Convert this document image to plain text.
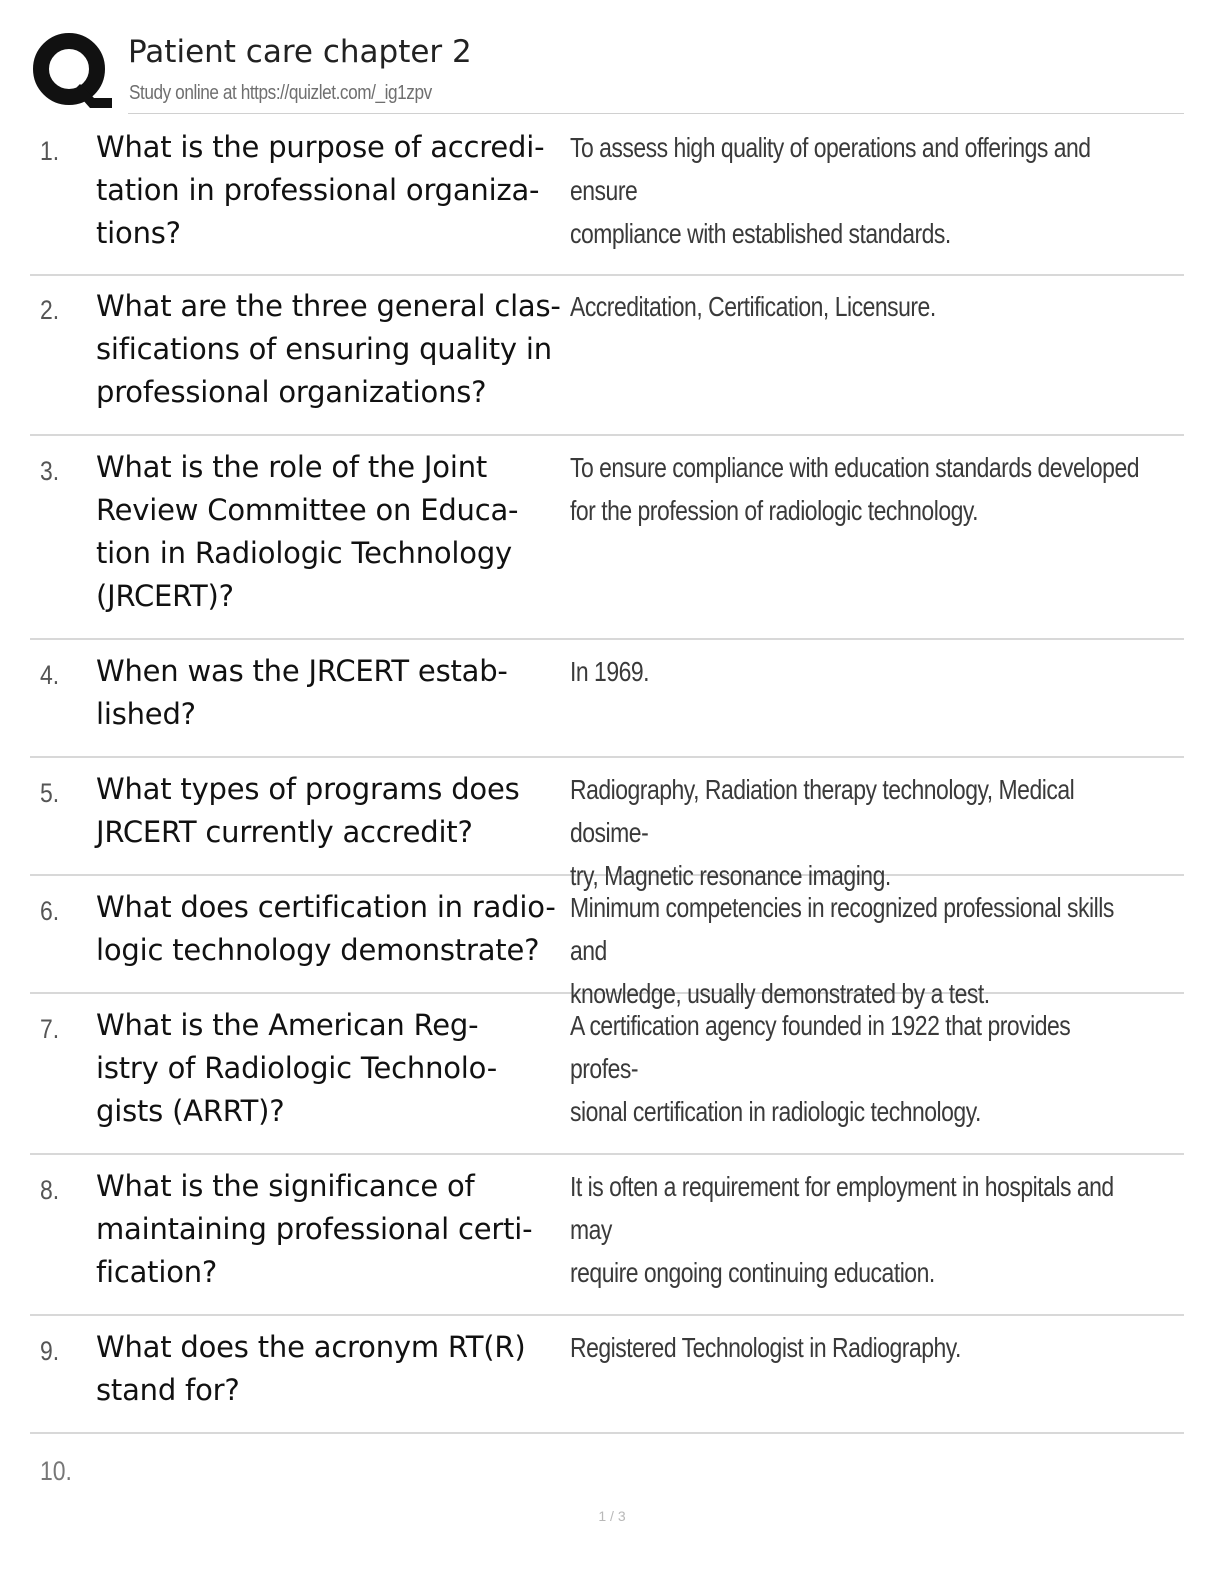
Patient care chapter 2
Study online at https://quizlet.com/_ig1zpv
1. What is the purpose of accredi-
tation in professional organiza-
tions?
To assess high quality of operations and offerings and ensure
compliance with established standards.
2. What are the three general clas-
sifications of ensuring quality in
professional organizations?
Accreditation, Certification, Licensure.
3. What is the role of the Joint
Review Committee on Educa-
tion in Radiologic Technology
(JRCERT)?
To ensure compliance with education standards developed
for the profession of radiologic technology.
4. When was the JRCERT estab-
lished?
In 1969.
5. What types of programs does
JRCERT currently accredit?
Radiography, Radiation therapy technology, Medical dosime-
try, Magnetic resonance imaging.
6. What does certification in radio-
logic technology demonstrate?
Minimum competencies in recognized professional skills and
knowledge, usually demonstrated by a test.
7. What is the American Reg-
istry of Radiologic Technolo-
gists (ARRT)?
A certification agency founded in 1922 that provides profes-
sional certification in radiologic technology.
8. What is the significance of
maintaining professional certi-
fication?
It is often a requirement for employment in hospitals and may
require ongoing continuing education.
9. What does the acronym RT(R)
stand for?
Registered Technologist in Radiography.
10.
1 / 3
